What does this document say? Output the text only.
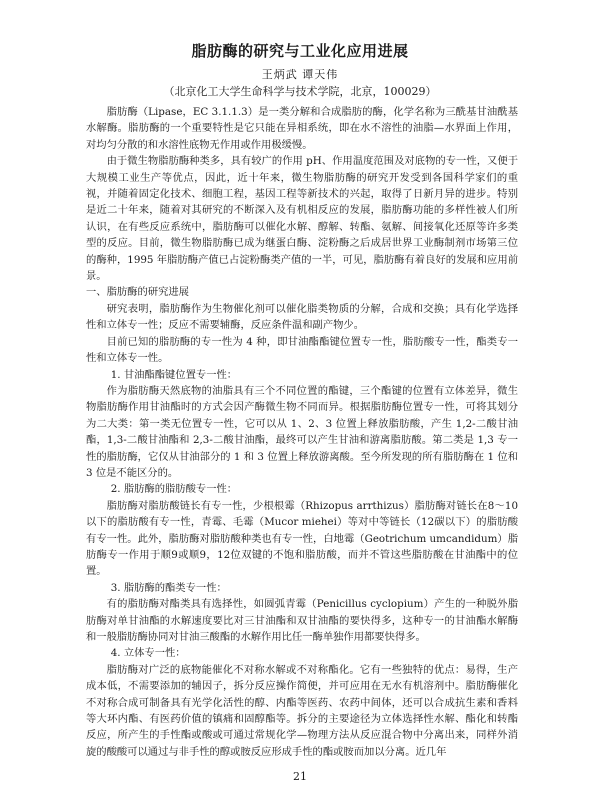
脂肪酶的研究与工业化应用进展
王炳武 谭天伟
（北京化工大学生命科学与技术学院，北京，100029）

脂肪酶（Lipase，EC 3.1.1.3）是一类分解和合成脂肪的酶，化学名称为三酰基甘油酰基水解酶。脂肪酶的一个重要特性是它只能在异相系统，即在水不溶性的油脂—水界面上作用，对均匀分散的和水溶性底物无作用或作用极缓慢。

由于微生物脂肪酶种类多，具有较广的作用 pH、作用温度范围及对底物的专一性，又便于大规模工业生产等优点，因此，近十年来，微生物脂肪酶的研究开发受到各国科学家们的重视，并随着固定化技术、细胞工程，基因工程等新技术的兴起，取得了日新月异的进步。特别是近二十年来，随着对其研究的不断深入及有机相反应的发展，脂肪酶功能的多样性被人们所认识，在有些反应系统中，脂肪酶可以催化水解、醇解、转酯、氨解、间接氧化还原等许多类型的反应。目前，微生物脂肪酶已成为继蛋白酶、淀粉酶之后成居世界工业酶制剂市场第三位的酶种，1995 年脂肪酶产值已占淀粉酶类产值的一半，可见，脂肪酶有着良好的发展和应用前景。

一、脂肪酶的研究进展

研究表明，脂肪酶作为生物催化剂可以催化脂类物质的分解，合成和交换；具有化学选择性和立体专一性；反应不需要辅酶，反应条件温和副产物少。

目前已知的脂肪酶的专一性为 4 种，即甘油酯酯键位置专一性，脂肪酸专一性，酯类专一性和立体专一性。

1. 甘油酯酯键位置专一性：

作为脂肪酶天然底物的油脂具有三个不同位置的酯键，三个酯键的位置有立体差异，微生物脂肪酶作用甘油酯时的方式会因产酶微生物不同而异。根据脂肪酶位置专一性，可将其划分为二大类：第一类无位置专一性，它可以从 1、2、3 位置上释放脂肪酸，产生 1,2-二酸甘油酯，1,3-二酸甘油酯和 2,3-二酸甘油酯，最终可以产生甘油和游离脂肪酸。第二类是 1,3 专一性的脂肪酶，它仅从甘油部分的 1 和 3 位置上释放游离酸。至今所发现的所有脂肪酶在 1 位和 3 位是不能区分的。

2. 脂肪酶的脂肪酸专一性：

脂肪酶对脂肪酸链长有专一性，少根根霉（Rhizopus arrthizus）脂肪酶对链长在8～10以下的脂肪酸有专一性，青霉、毛霉（Mucor miehei）等对中等链长（12碳以下）的脂肪酸有专一性。此外，脂肪酶对脂肪酸种类也有专一性，白地霉（Geotrichum umcandidum）脂肪酶专一作用于顺9或顺9，12位双键的不饱和脂肪酸，而并不管这些脂肪酸在甘油酯中的位置。

3. 脂肪酶的酯类专一性：

有的脂肪酶对酯类具有选择性，如圆弧青霉（Penicillus cyclopium）产生的一种脱外脂肪酶对单甘油酯的水解速度要比对三甘油酯和双甘油酯的要快得多，这种专一的甘油酯水解酶和一般脂肪酶协同对甘油三酸酯的水解作用比任一酶单独作用都要快得多。

4. 立体专一性：

脂肪酶对广泛的底物能催化不对称水解或不对称酯化。它有一些独特的优点：易得，生产成本低，不需要添加的辅因子，拆分反应操作简便，并可应用在无水有机溶剂中。脂肪酶催化不对称合成可制备具有光学化活性的醇、内酯等医药、农药中间体，还可以合成抗生素和香料等大环内酯、有医药价值的镇痛和固醇酯等。拆分的主要途径为立体选择性水解、酯化和转酯反应，所产生的手性酯或酸或可通过常规化学—物理方法从反应混合物中分离出来，同样外消旋的酸酸可以通过与非手性的醇或胺反应形成手性的酯或胺而加以分离。近几年

21
